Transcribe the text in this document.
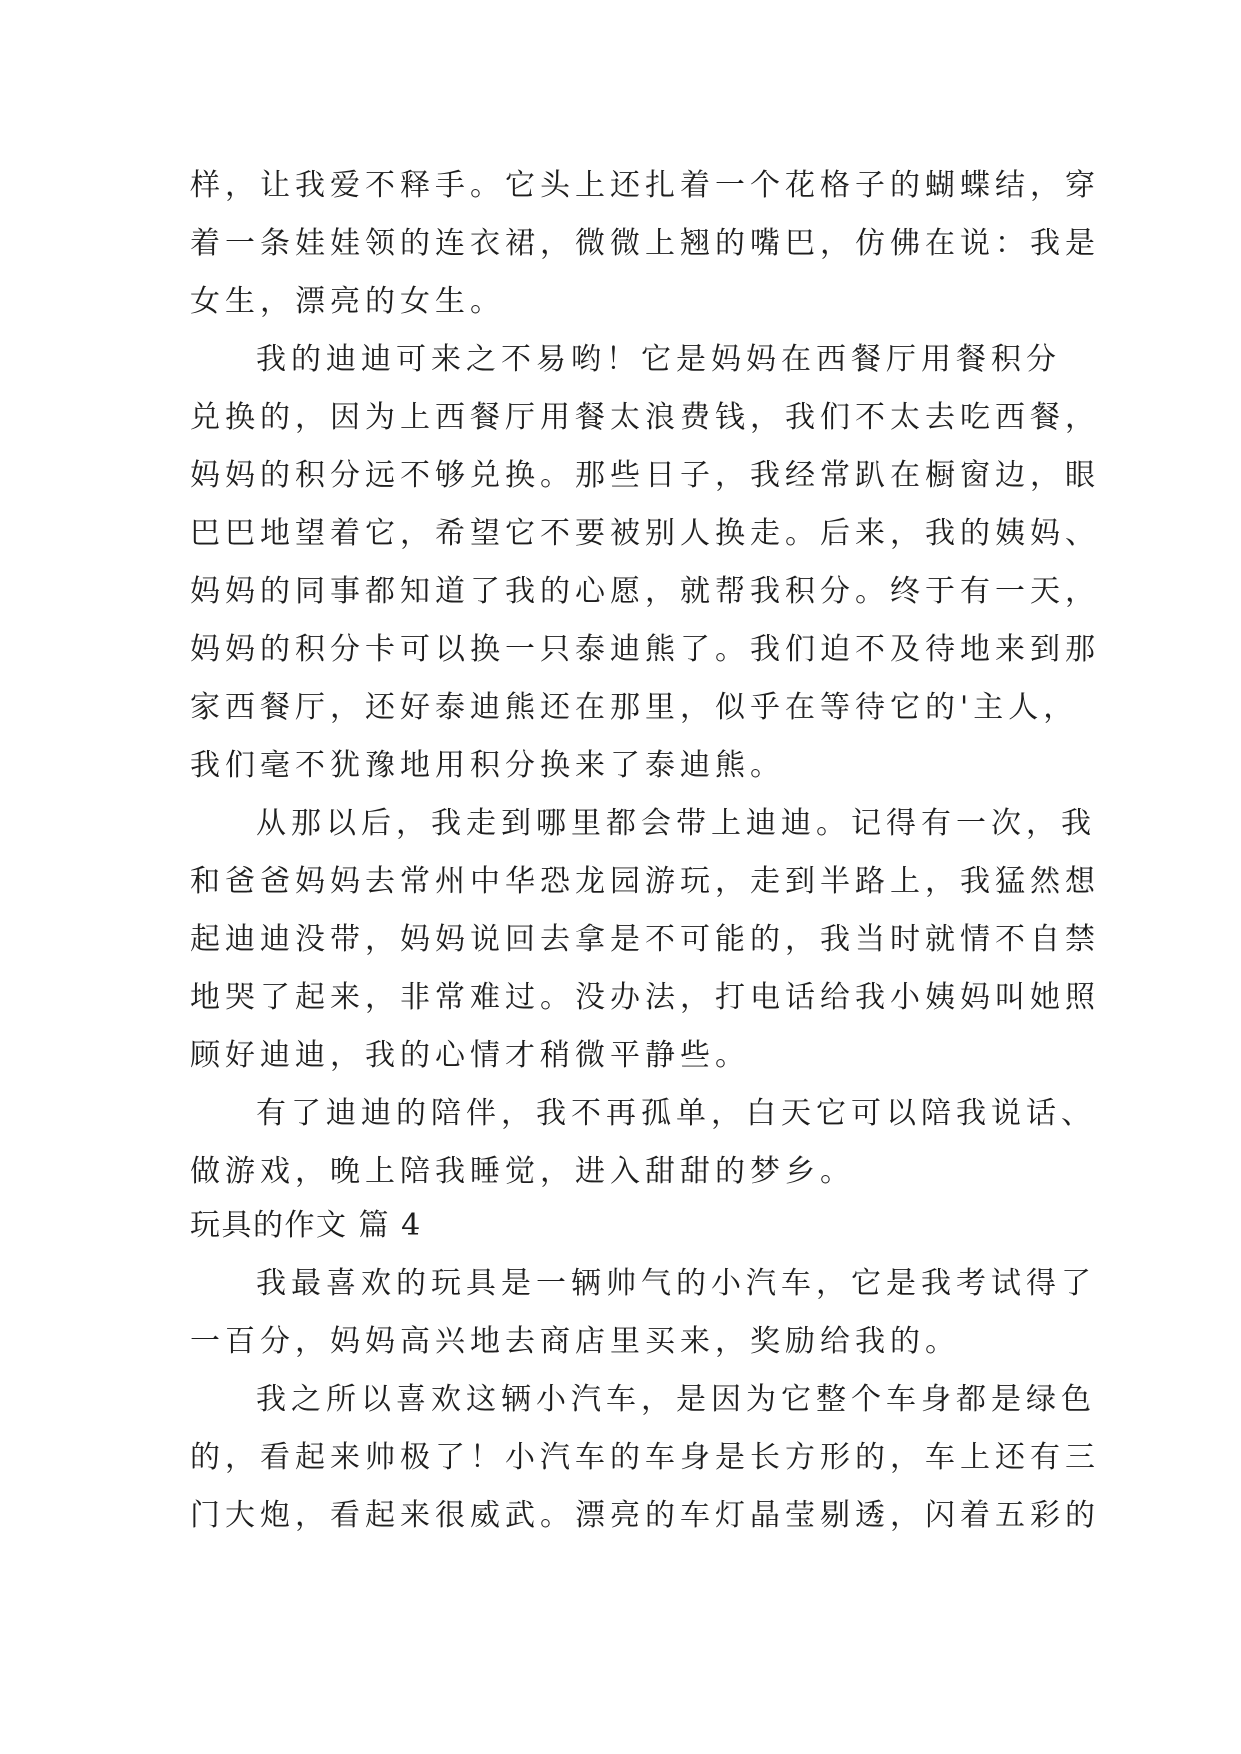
样，让我爱不释手。它头上还扎着一个花格子的蝴蝶结，穿

着一条娃娃领的连衣裙，微微上翘的嘴巴，仿佛在说：我是

女生，漂亮的女生。

我的迪迪可来之不易哟！它是妈妈在西餐厅用餐积分

兑换的，因为上西餐厅用餐太浪费钱，我们不太去吃西餐，

妈妈的积分远不够兑换。那些日子，我经常趴在橱窗边，眼

巴巴地望着它，希望它不要被别人换走。后来，我的姨妈、

妈妈的同事都知道了我的心愿，就帮我积分。终于有一天，

妈妈的积分卡可以换一只泰迪熊了。我们迫不及待地来到那

家西餐厅，还好泰迪熊还在那里，似乎在等待它的'主人，

我们毫不犹豫地用积分换来了泰迪熊。

从那以后，我走到哪里都会带上迪迪。记得有一次，我

和爸爸妈妈去常州中华恐龙园游玩，走到半路上，我猛然想

起迪迪没带，妈妈说回去拿是不可能的，我当时就情不自禁

地哭了起来，非常难过。没办法，打电话给我小姨妈叫她照

顾好迪迪，我的心情才稍微平静些。

有了迪迪的陪伴，我不再孤单，白天它可以陪我说话、

做游戏，晚上陪我睡觉，进入甜甜的梦乡。

玩具的作文 篇 4

我最喜欢的玩具是一辆帅气的小汽车，它是我考试得了

一百分，妈妈高兴地去商店里买来，奖励给我的。

我之所以喜欢这辆小汽车，是因为它整个车身都是绿色

的，看起来帅极了！小汽车的车身是长方形的，车上还有三

门大炮，看起来很威武。漂亮的车灯晶莹剔透，闪着五彩的
